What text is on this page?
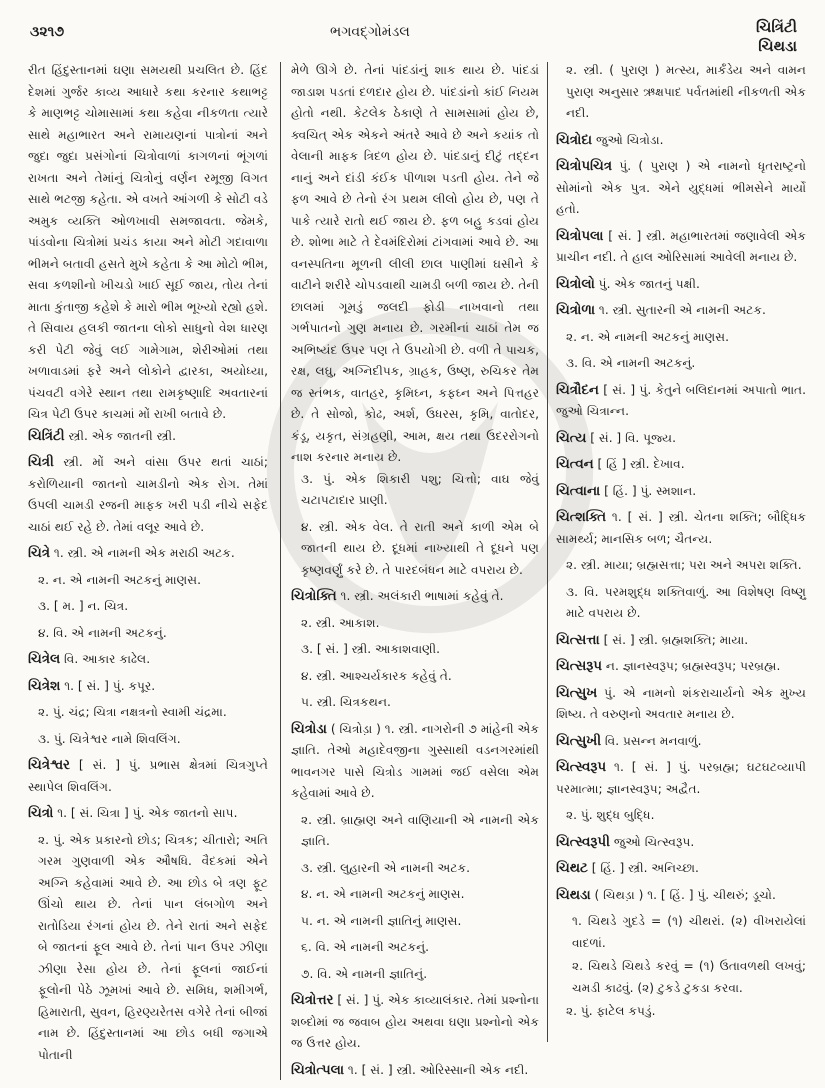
૩૨૧૭	ભગવદ્ગોમંડલ	ચિત્રિંટી
ચિથડા

રીત હિંદુસ્તાનમાં ઘણા સમયથી પ્રચલિત છે. હિંદ દેશમાં ગુર્જર કાવ્ય આધારે કથા કરનાર કથાભટ્ટ કે માણભટ્ટ ચોમાસામાં કથા કહેવા નીકળતા ત્યારે સાથે મહાભારત અને રામાયણનાં પાત્રોનાં અને જુદા જુદા પ્રસંગોનાં ચિત્રોવાળાં કાગળનાં ભૂંગળાં રાખતા અને તેમાંનું ચિત્રોનું વર્ણન રમૂજી વિગત સાથે ભટજી કહેતા. એ વખતે આંગળી કે સોટી વડે અમુક વ્યક્તિ ઓળખાવી સમજાવતા. જેમકે, પાંડવોના ચિત્રોમાં પ્રચંડ કાયા અને મોટી ગદાવાળા ભીમને બતાવી હસતે મુખે કહેતા કે આ મોટો ભીમ, સવા કળશીનો ખીચડો ખાઈ સૂઈ જાય, તોય તેનાં માતા કુંતાજી કહેશે કે મારો ભીમ ભૂખ્યો રહ્યો હશે. તે સિવાય હલકી જાતના લોકો સાધુનો વેશ ધારણ કરી પેટી જેવું લઈ ગામેગામ, શેરીઓમાં તથા ખળાવાડમાં ફરે અને લોકોને દ્વારકા, અયોધ્યા, પંચવટી વગેરે સ્થાન તથા રામકૃષ્ણાદિ અવતારનાં ચિત્ર પેટી ઉપર કાચમાં મોં રાખી બતાવે છે.

ચિત્રિંટી સ્ત્રી. એક જાતની સ્ત્રી.

ચિત્રી સ્ત્રી. મોં અને વાંસા ઉપર થતાં ચાઠાં; કરોળિયાની જાતનો ચામડીનો એક રોગ. તેમાં ઉપલી ચામડી રજની માફક ખરી પડી નીચે સફેદ ચાઠાં થઈ રહે છે. તેમાં વલૂર આવે છે.

ચિત્રે ૧. સ્ત્રી. એ નામની એક મરાઠી અટક.

૨. ન. એ નામની અટકનું માણસ.

૩. [ મ. ] ન. ચિત્ર.

૪. વિ. એ નામની અટકનું.

ચિત્રેલ વિ. આકાર કાઢેલ.

ચિત્રેશ ૧. [ સં. ] પું. કપૂર.

૨. પું. ચંદ્ર; ચિત્રા નક્ષત્રનો સ્વામી ચંદ્રમા.

૩. પું. ચિત્રેશ્વર નામે શિવલિંગ.

ચિત્રેશ્વર [ સં. ] પું. પ્રભાસ ક્ષેત્રમાં ચિત્રગુપ્તે સ્થાપેલ શિવલિંગ.

ચિત્રો ૧. [ સં. ચિત્રા ] પું. એક જાતનો સાપ.

૨. પું. એક પ્રકારનો છોડ; ચિત્રક; ચીતારો; અતિ ગરમ ગુણવાળી એક ઔષધિ. વૈદકમાં એને અગ્નિ કહેવામાં આવે છે. આ છોડ બે ત્રણ ફૂટ ઊંચો થાય છે. તેનાં પાન લંબગોળ અને રાતોડિયા રંગનાં હોય છે. તેને રાતાં અને સફેદ બે જાતનાં ફૂલ આવે છે. તેનાં પાન ઉપર ઝીણા ઝીણા રેસા હોય છે. તેનાં ફૂલનાં જાઈનાં ફૂલોની પેઠે ઝૂમખાં આવે છે. સમિધ, શમીગર્ભ, હિમારાતી, સુવન, હિરણ્યરેતસ વગેરે તેનાં બીજાં નામ છે. હિંદુસ્તાનમાં આ છોડ બધી જગાએ પોતાની

મેળે ઊગે છે. તેનાં પાંદડાંનું શાક થાય છે. પાંદડાં જાડાશ પડતાં દળદાર હોય છે. પાંદડાંનો કાંઈ નિયમ હોતો નથી. કેટલેક ઠેકાણે તે સામસામાં હોય છે, ક્વચિત્ એક એકને અંતરે આવે છે અને કયાંક તો વેલાની માફક ત્રિદળ હોય છે. પાંદડાનું દીટું તદ્દન નાનું અને દાંડી કંઈક પીળાશ પડતી હોય. તેને જે ફળ આવે છે તેનો રંગ પ્રથમ લીલો હોય છે, પણ તે પાકે ત્યારે રાતો થઈ જાય છે. ફળ બહુ કડવાં હોય છે. શોભા માટે તે દેવમંદિરોમાં ટાંગવામાં આવે છે. આ વનસ્પતિના મૂળની લીલી છાલ પાણીમાં ઘસીને કે વાટીને શરીરે ચોપડવાથી ચામડી બળી જાય છે. તેની છાલમાં ગૂમડું જલદી ફોડી નાખવાનો તથા ગર્ભપાતનો ગુણ મનાય છે. ગરમીનાં ચાઠાં તેમ જ અભિષ્યંદ ઉપર પણ તે ઉપયોગી છે. વળી તે પાચક, રક્ષ, લઘુ, અગ્નિદીપક, ગ્રાહક, ઉષ્ણ, રુચિકર તેમ જ સ્તંભક, વાતહર, કૃમિઘ્ન, કફઘ્ન અને પિત્તહર છે. તે સોજો, કોઢ, અર્શ, ઉધરસ, કૃમિ, વાતોદર, કંડૂ, યકૃત, સંગ્રહણી, આમ, ક્ષય તથા ઉદરરોગનો નાશ કરનાર મનાય છે.

૩. પું. એક શિકારી પશુ; ચિત્તો; વાઘ જેવું ચટાપટાદાર પ્રાણી.

૪. સ્ત્રી. એક વેલ. તે રાતી અને કાળી એમ બે જાતની થાય છે. દૂધમાં નાખ્યાથી તે દૂધને પણ કૃષ્ણવર્ણું કરે છે. તે પારદબંધન માટે વપરાય છે.

ચિત્રોક્તિ ૧. સ્ત્રી. અલંકારી ભાષામાં કહેવું તે.

૨. સ્ત્રી. આકાશ.

૩. [ સં. ] સ્ત્રી. આકાશવાણી.

૪. સ્ત્રી. આશ્ચર્યકારક કહેવું તે.

૫. સ્ત્રી. ચિત્રકથન.

ચિત્રોડા ( ચિત્રોડ઼ા ) ૧. સ્ત્રી. નાગરોની ૭ માંહેની એક જ્ઞાતિ. તેઓ મહાદેવજીના ગુસ્સાથી વડનગરમાંથી ભાવનગર પાસે ચિત્રોડ ગામમાં જઈ વસેલા એમ કહેવામાં આવે છે.

૨. સ્ત્રી. બ્રાહ્મણ અને વાણિયાની એ નામની એક જ્ઞાતિ.

૩. સ્ત્રી. લુહારની એ નામની અટક.

૪. ન. એ નામની અટકનું માણસ.

૫. ન. એ નામની જ્ઞાતિનું માણસ.

૬. વિ. એ નામની અટકનું.

૭. વિ. એ નામની જ્ઞાતિનું.

ચિત્રોત્તર [ સં. ] પું. એક કાવ્યાલંકાર. તેમાં પ્રશ્નોના શબ્દોમાં જ જવાબ હોય અથવા ઘણા પ્રશ્નોનો એક જ ઉત્તર હોય.

ચિત્રોત્પલા ૧. [ સં. ] સ્ત્રી. ઓરિસ્સાની એક નદી.

૨. સ્ત્રી. ( પુરાણ ) મત્સ્ય, માર્કંડેય અને વામન પુરાણ અનુસાર ઋક્ષપાદ પર્વતમાંથી નીકળતી એક નદી.

ચિત્રોદા જુઓ ચિત્રોડા.

ચિત્રોપચિત્ર પું. ( પુરાણ ) એ નામનો ધૃતરાષ્ટ્રનો સોમાંનો એક પુત્ર. એને યુદ્ધમાં ભીમસેને માર્યો હતો.

ચિત્રોપલા [ સં. ] સ્ત્રી. મહાભારતમાં જણાવેલી એક પ્રાચીન નદી. તે હાલ ઓરિસામાં આવેલી મનાય છે.

ચિત્રોલો પું. એક જાતનું પક્ષી.

ચિત્રોળા ૧. સ્ત્રી. સુતારની એ નામની અટક.

૨. ન. એ નામની અટકનું માણસ.

૩. વિ. એ નામની અટકનું.

ચિત્રૌદન [ સં. ] પું. કેતુને બલિદાનમાં અપાતો ભાત. જુઓ ચિત્રાન્ન.

ચિત્ય [ સં. ] વિ. પૂજ્ય.

ચિત્વન [ હિં ] સ્ત્રી. દેખાવ.

ચિત્વાના [ હિં. ] પું. સ્મશાન.

ચિત્શક્તિ ૧. [ સં. ] સ્ત્રી. ચેતના શક્તિ; બૌદ્ધિક સામર્થ્ય; માનસિક બળ; ચૈતન્ય.

૨. સ્ત્રી. માયા; બ્રહ્મસત્તા; પરા અને અપરા શક્તિ.

૩. વિ. પરમશુદ્ધ શક્તિવાળું. આ વિશેષણ વિષ્ણુ માટે વપરાય છે.

ચિત્સત્તા [ સં. ] સ્ત્રી. બ્રહ્મશક્તિ; માયા.

ચિત્સરૂપ ન. જ્ઞાનસ્વરૂપ; બ્રહ્મસ્વરૂપ; પરબ્રહ્મ.

ચિત્સુખ પું. એ નામનો શંકરાચાર્યનો એક મુખ્ય શિષ્ય. તે વરુણનો અવતાર મનાય છે.

ચિત્સુખી વિ. પ્રસન્ન મનવાળું.

ચિત્સ્વરૂપ ૧. [ સં. ] પું. પરબ્રહ્મ; ઘટઘટવ્યાપી પરમાત્મા; જ્ઞાનસ્વરૂપ; અદ્વૈત.

૨. પું. શુદ્ધ બુદ્ધિ.

ચિત્સ્વરૂપી જુઓ ચિત્સ્વરૂપ.

ચિથટ [ હિં. ] સ્ત્રી. અનિચ્છા.

ચિથડા ( ચિથડ઼ા ) ૧. [ હિં. ] પું. ચીથરું; ડૂચો.

૧. ચિથડે ગુદડે = (૧) ચીથરાં. (૨) વીખરાયેલાં વાદળાં.

૨. ચિથડે ચિથડે કરવું = (૧) ઉતાવળથી લખવું; ચમડી કાઢવું. (૨) ટુકડે ટુકડા કરવા.

૨. પું. ફાટેલ કપડું.
